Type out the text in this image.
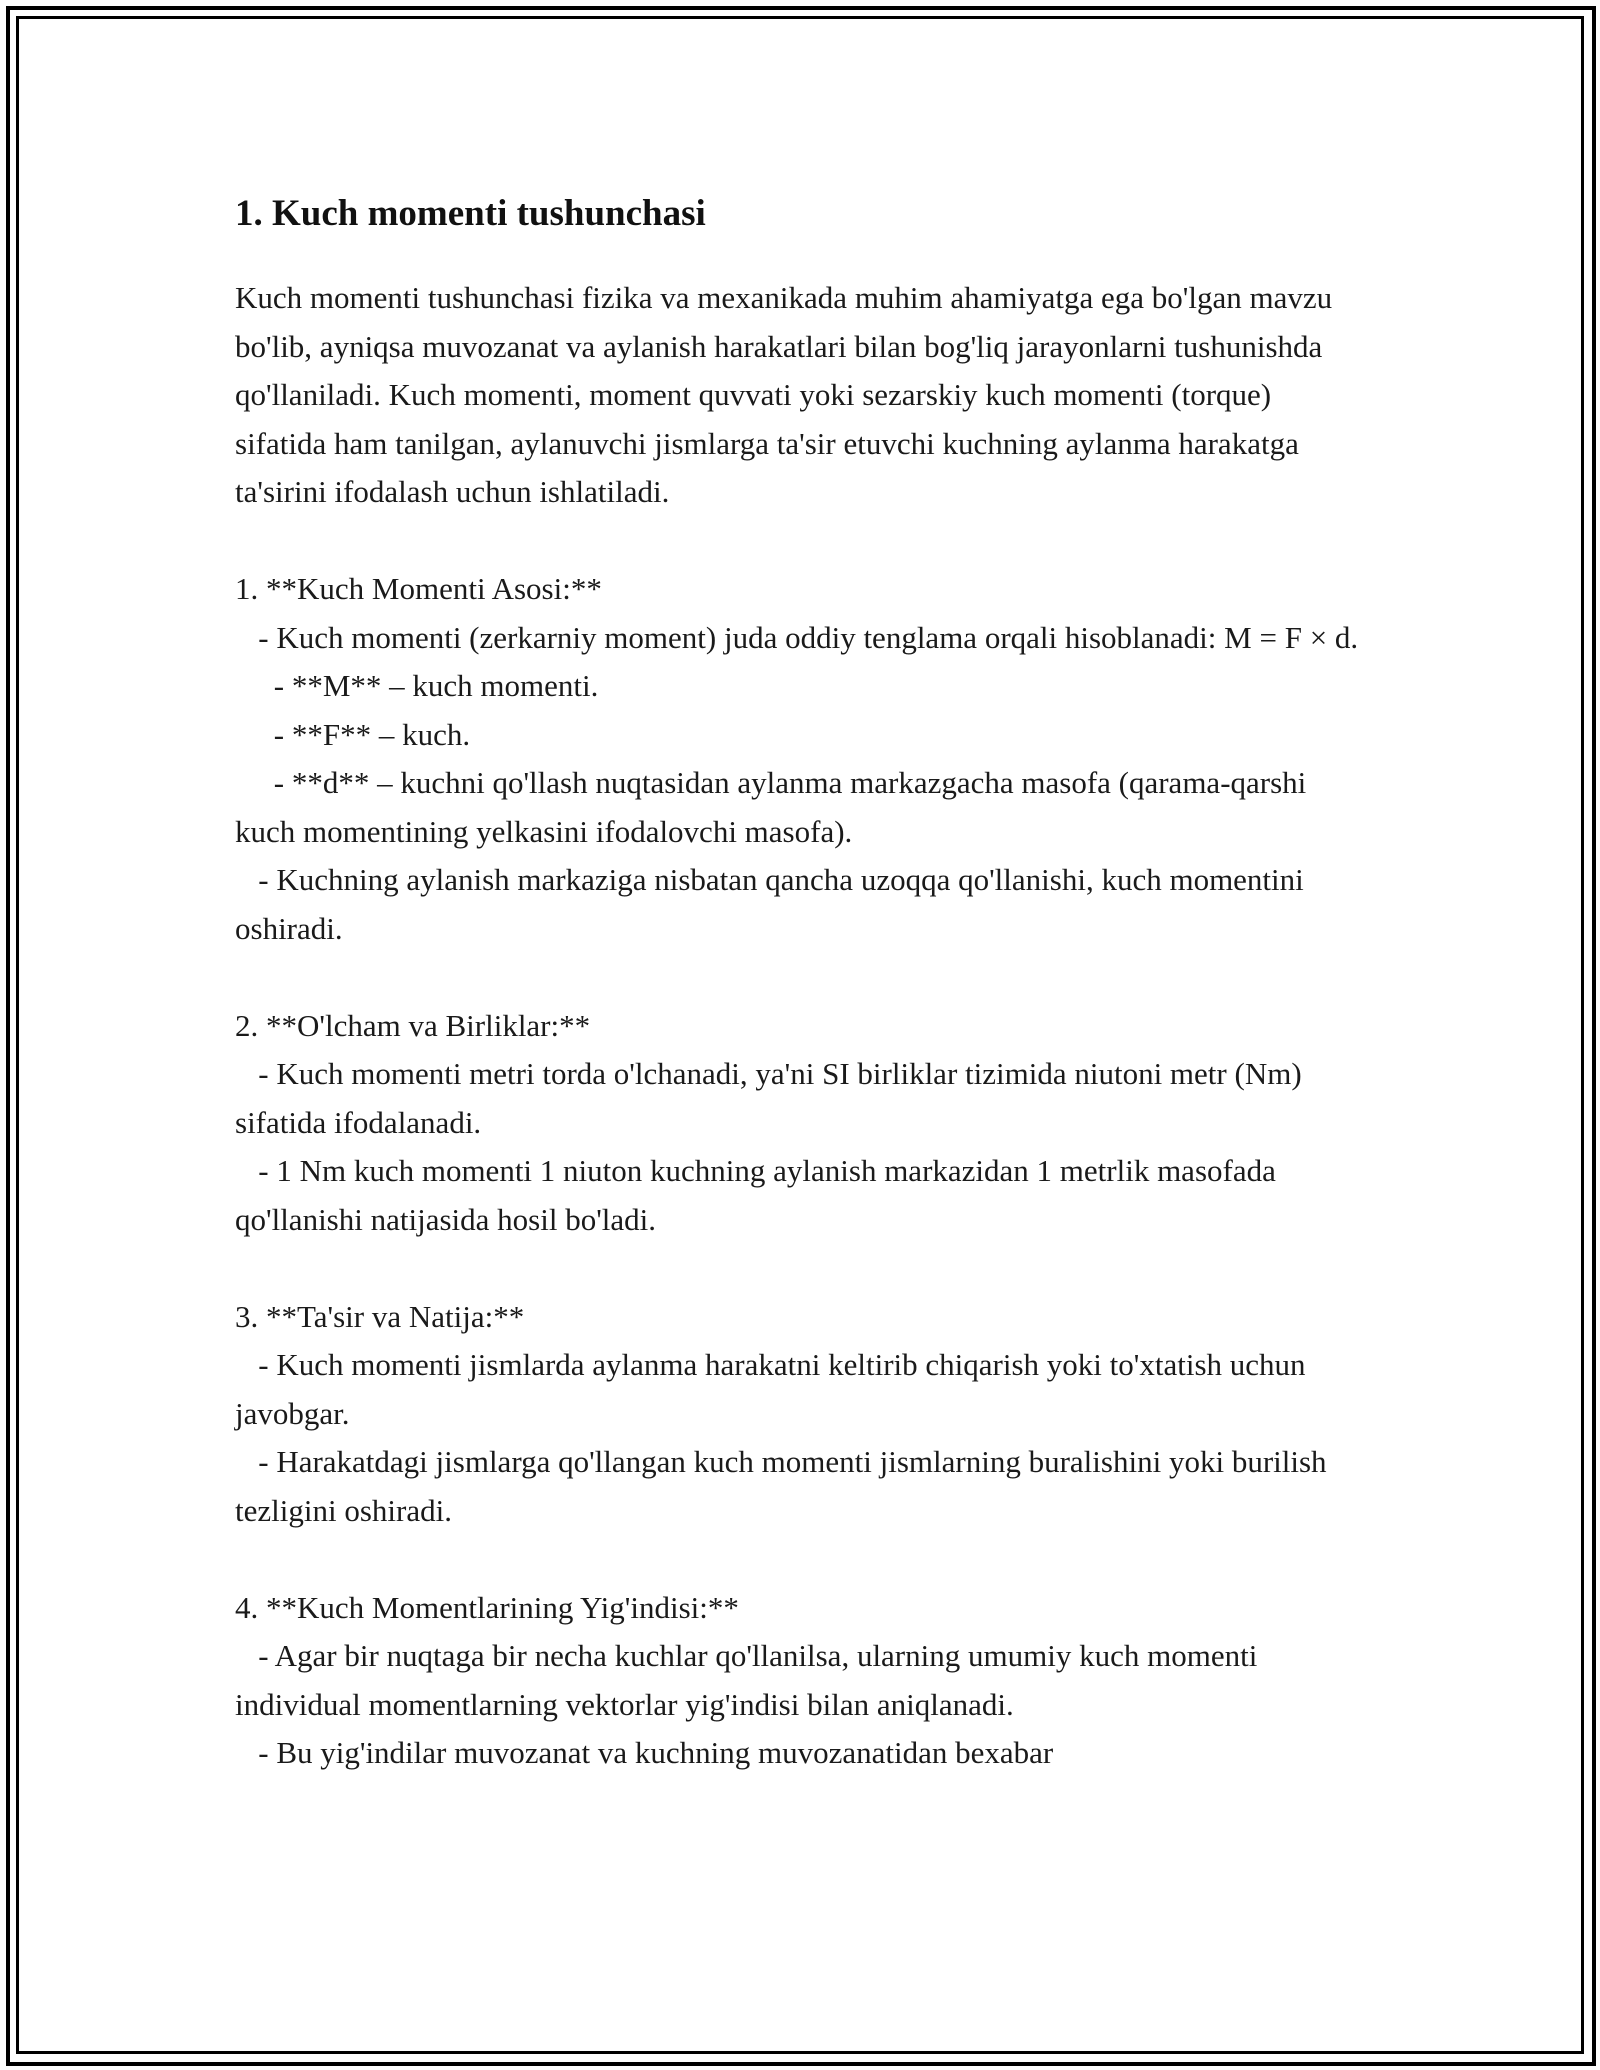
1. Kuch momenti tushunchasi

Kuch momenti tushunchasi fizika va mexanikada muhim ahamiyatga ega bo'lgan mavzu bo'lib, ayniqsa muvozanat va aylanish harakatlari bilan bog'liq jarayonlarni tushunishda qo'llaniladi. Kuch momenti, moment quvvati yoki sezarskiy kuch momenti (torque) sifatida ham tanilgan, aylanuvchi jismlarga ta'sir etuvchi kuchning aylanma harakatga ta'sirini ifodalash uchun ishlatiladi.

1. **Kuch Momenti Asosi:**
- Kuch momenti (zerkarniy moment) juda oddiy tenglama orqali hisoblanadi: M = F × d.
- **M** – kuch momenti.
- **F** – kuch.
- **d** – kuchni qo'llash nuqtasidan aylanma markazgacha masofa (qarama-qarshi kuch momentining yelkasini ifodalovchi masofa).
- Kuchning aylanish markaziga nisbatan qancha uzoqqa qo'llanishi, kuch momentini oshiradi.
2. **O'lcham va Birliklar:**
- Kuch momenti metri torda o'lchanadi, ya'ni SI birliklar tizimida niutoni metr (Nm) sifatida ifodalanadi.
- 1 Nm kuch momenti 1 niuton kuchning aylanish markazidan 1 metrlik masofada qo'llanishi natijasida hosil bo'ladi.
3. **Ta'sir va Natija:**
- Kuch momenti jismlarda aylanma harakatni keltirib chiqarish yoki to'xtatish uchun javobgar.
- Harakatdagi jismlarga qo'llangan kuch momenti jismlarning buralishini yoki burilish tezligini oshiradi.
4. **Kuch Momentlarining Yig'indisi:**
- Agar bir nuqtaga bir necha kuchlar qo'llanilsa, ularning umumiy kuch momenti individual momentlarning vektorlar yig'indisi bilan aniqlanadi.
- Bu yig'indilar muvozanat va kuchning muvozanatidan bexabar
